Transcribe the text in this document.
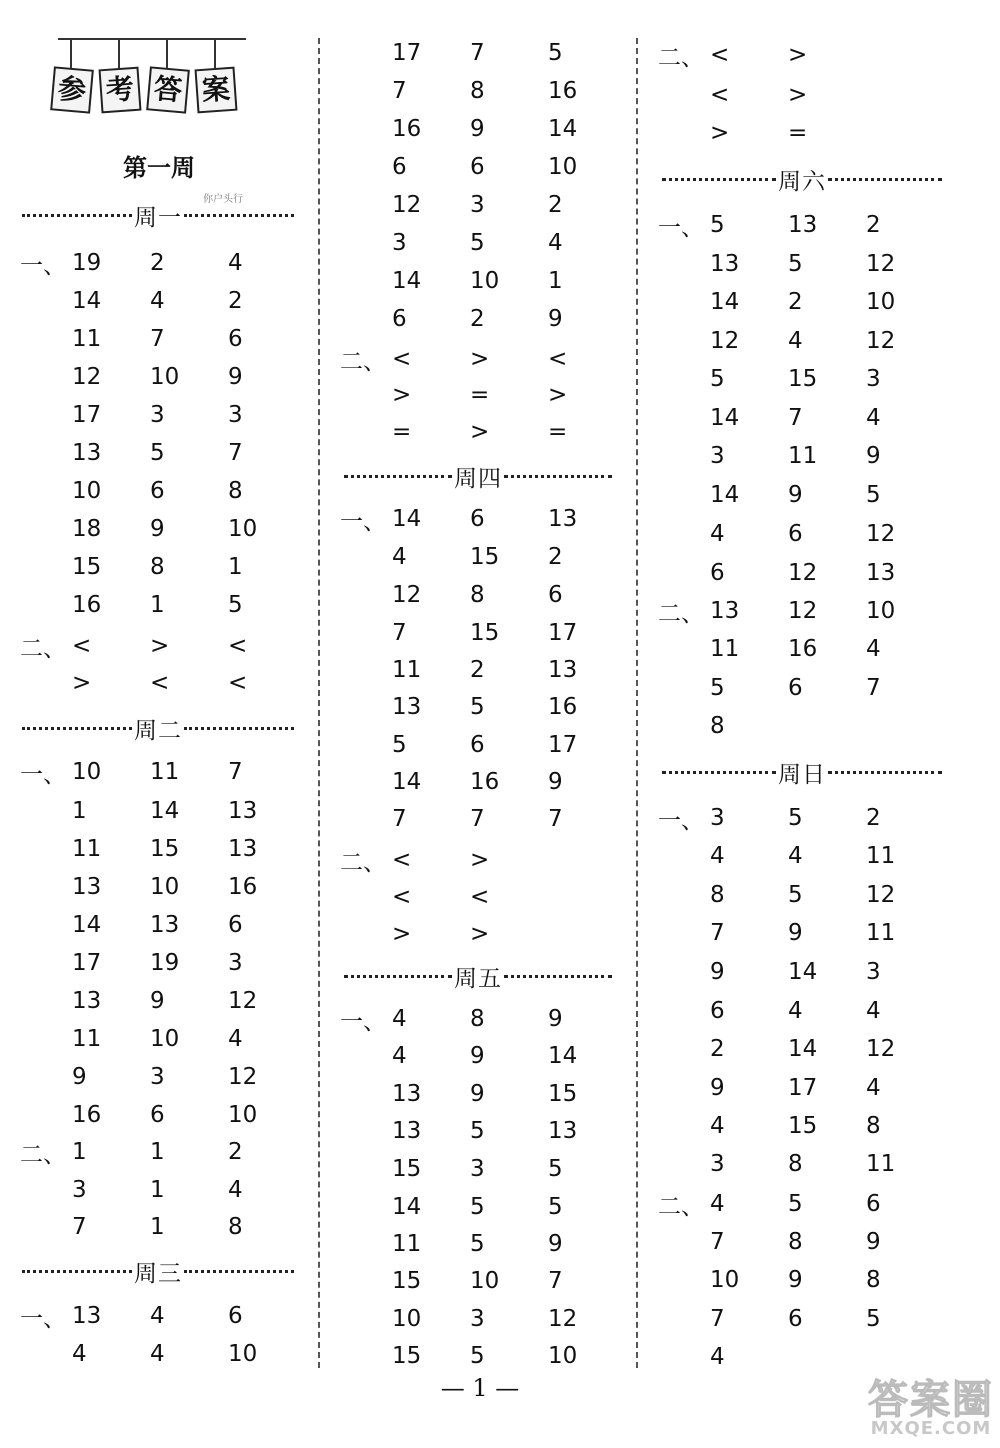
参 考 答 案
第一周
你户头行
周一
周二
周三
周四
周五
周六
周日
一、 19	2	4
14	4	2
11	7	6
12	10	9
17	3	3
13	5	7
10	6	8
18	9	10
15	8	1
16	1	5
二、 <	>	<
>	<	<
一、 10	11	7
1	14	13
11	15	13
13	10	16
14	13	6
17	19	3
13	9	12
11	10	4
9	3	12
16	6	10
二、 1	1	2
3	1	4
7	1	8
一、 13	4	6
4	4	10
17	7	5
7	8	16
16	9	14
6	6	10
12	3	2
3	5	4
14	10	1
6	2	9
二、 <	>	<
>	=	>
=	>	=
一、 14	6	13
4	15	2
12	8	6
7	15	17
11	2	13
13	5	16
5	6	17
14	16	9
7	7	7
二、 <	>
<	<
>	>
一、 4	8	9
4	9	14
13	9	15
13	5	13
15	3	5
14	5	5
11	5	9
15	10	7
10	3	12
15	5	10
二、 <	>
<	>
>	=
一、 5	13	2
13	5	12
14	2	10
12	4	12
5	15	3
14	7	4
3	11	9
14	9	5
4	6	12
6	12	13
二、 13	12	10
11	16	4
5	6	7
8
一、 3	5	2
4	4	11
8	5	12
7	9	11
9	14	3
6	4	4
2	14	12
9	17	4
4	15	8
3	8	11
二、 4	5	6
7	8	9
10	9	8
7	6	5
4
— 1 —	答案圈
MXQE.COM
